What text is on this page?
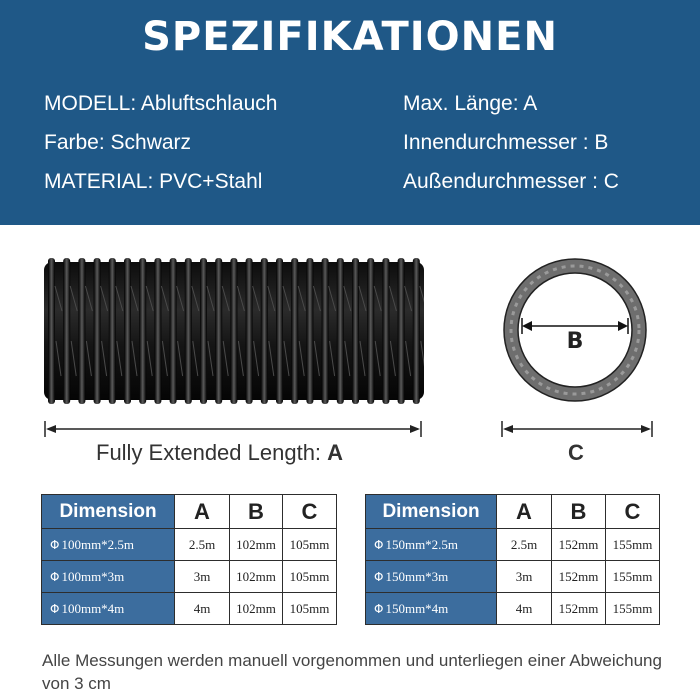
SPEZIFIKATIONEN
MODELL: Abluftschlauch
Farbe: Schwarz
MATERIAL: PVC+Stahl
Max. Länge: A
Innendurchmesser : B
Außendurchmesser : C
B
Fully Extended Length: A	C
Dimension	A	B	C
Φ 100mm*2.5m	2.5m	102mm	105mm
Φ 100mm*3m	3m	102mm	105mm
Φ 100mm*4m	4m	102mm	105mm
Dimension	A	B	C
Φ 150mm*2.5m	2.5m	152mm	155mm
Φ 150mm*3m	3m	152mm	155mm
Φ 150mm*4m	4m	152mm	155mm
Alle Messungen werden manuell vorgenommen und unterliegen einer Abweichung von 3 cm
